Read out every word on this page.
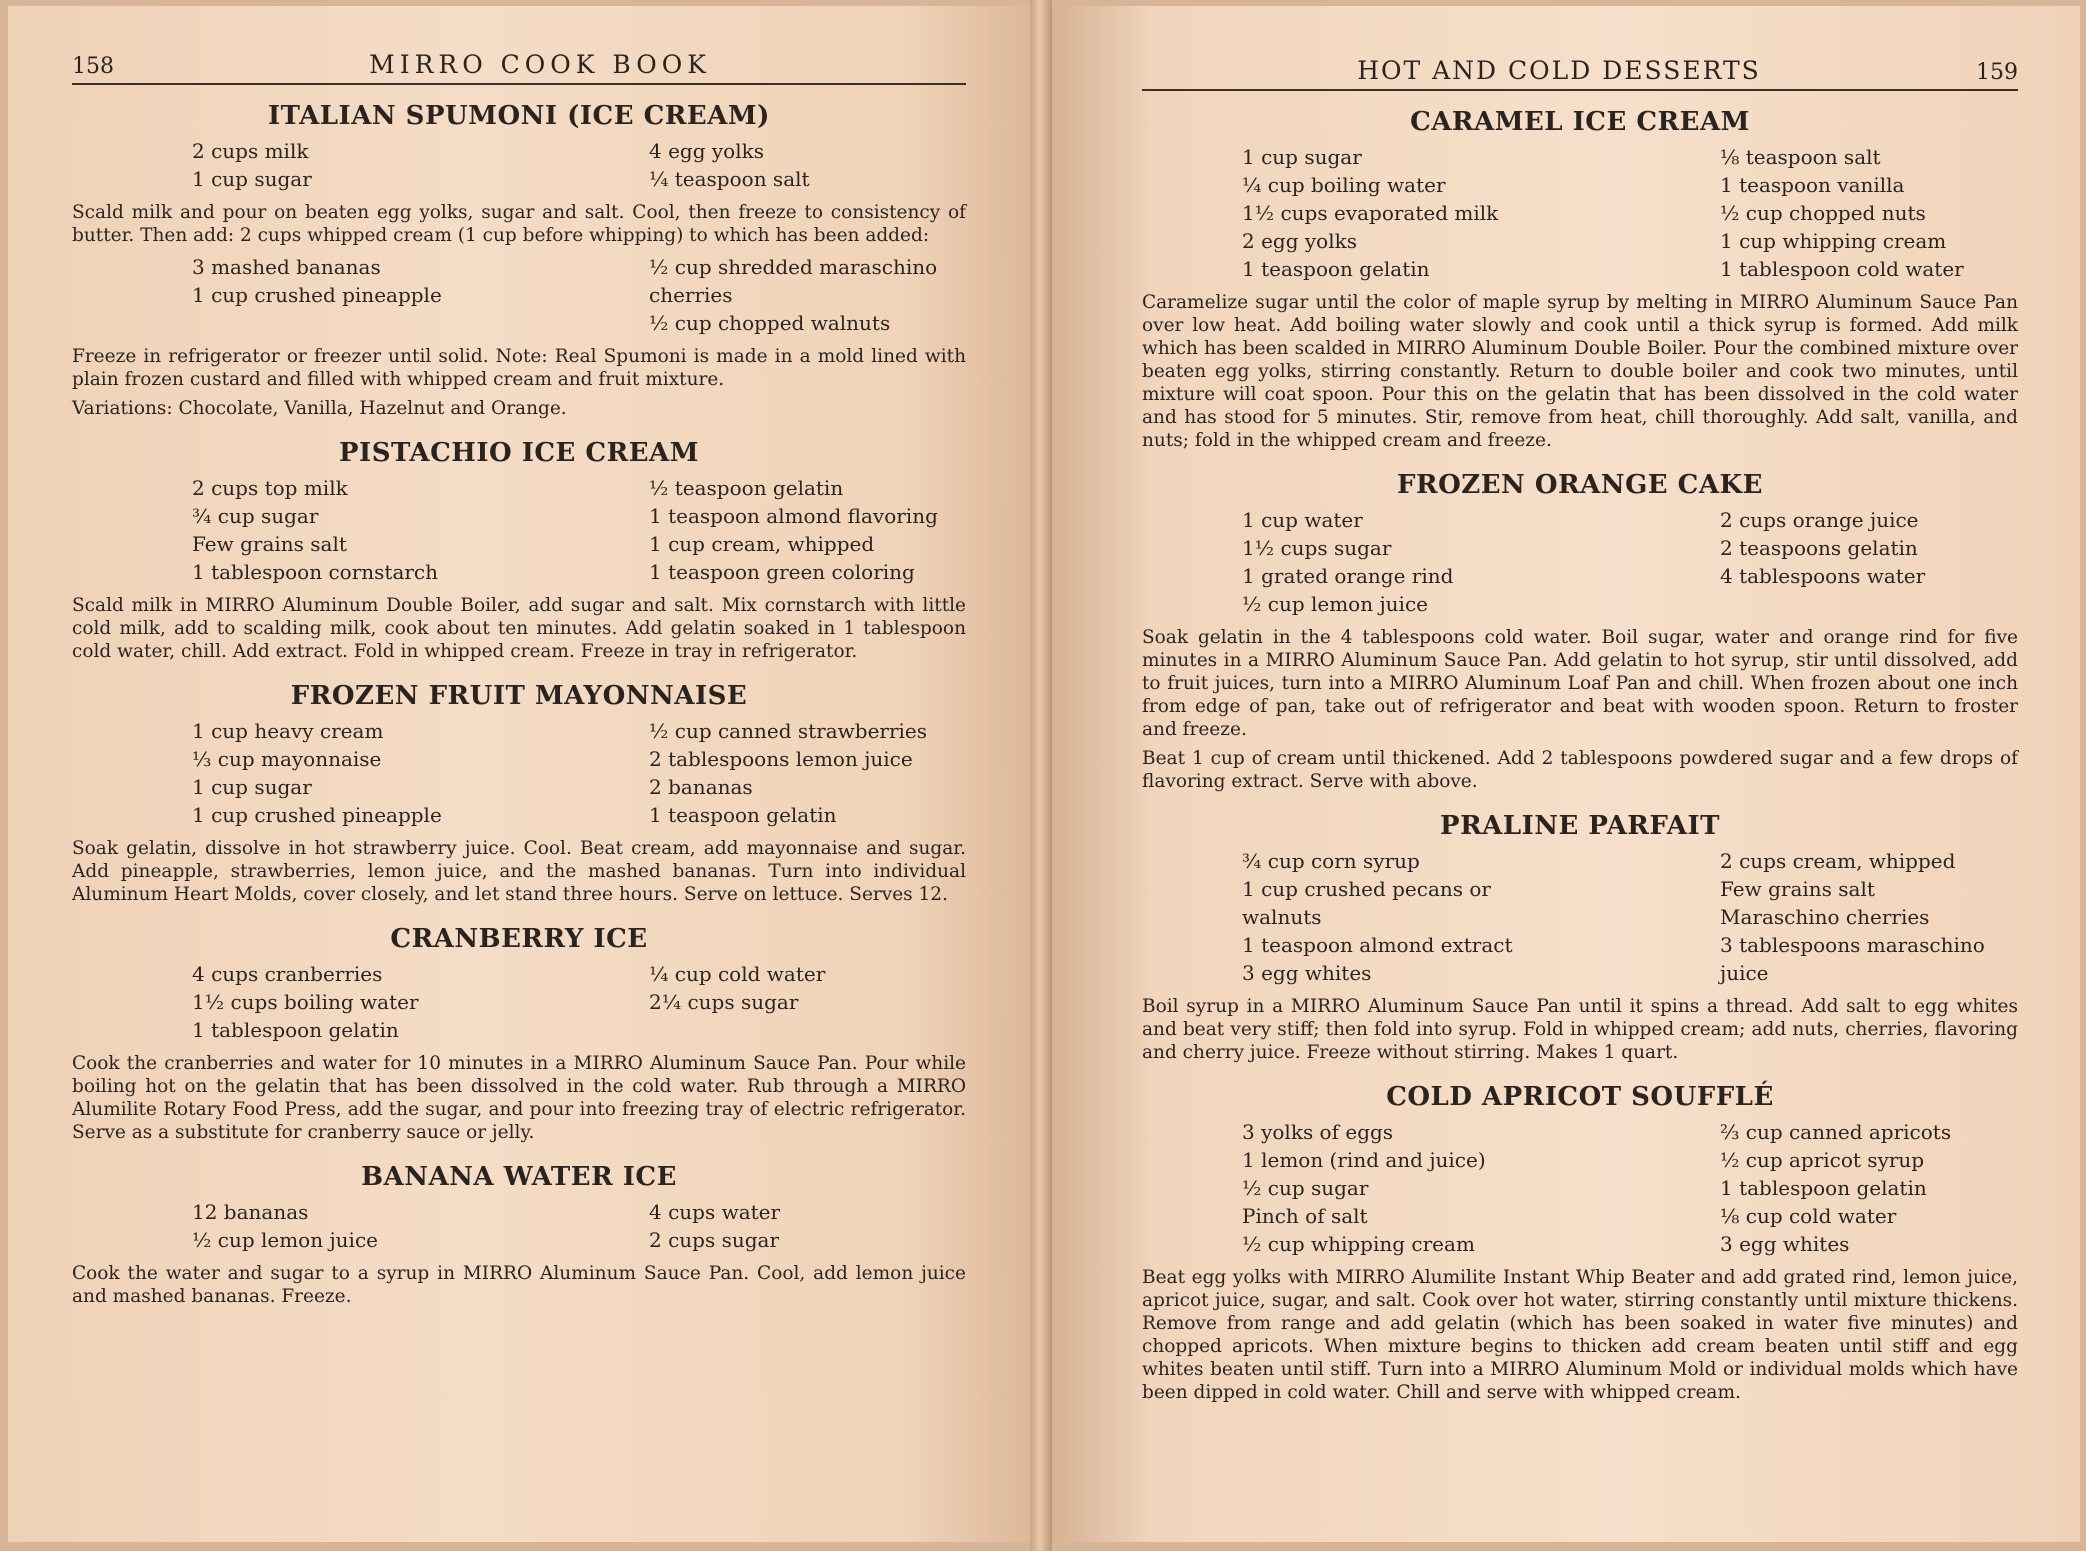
158	MIRRO COOK BOOK
ITALIAN SPUMONI (ICE CREAM)
2 cups milk
1 cup sugar
4 egg yolks
¼ teaspoon salt

Scald milk and pour on beaten egg yolks, sugar and salt. Cool, then freeze to consistency of butter. Then add: 2 cups whipped cream (1 cup before whipping) to which has been added:

3 mashed bananas
1 cup crushed pineapple
½ cup shredded maraschino
cherries
½ cup chopped walnuts

Freeze in refrigerator or freezer until solid. Note: Real Spumoni is made in a mold lined with plain frozen custard and filled with whipped cream and fruit mixture.

Variations: Chocolate, Vanilla, Hazelnut and Orange.

PISTACHIO ICE CREAM
2 cups top milk
¾ cup sugar
Few grains salt
1 tablespoon cornstarch
½ teaspoon gelatin
1 teaspoon almond flavoring
1 cup cream, whipped
1 teaspoon green coloring

Scald milk in MIRRO Aluminum Double Boiler, add sugar and salt. Mix cornstarch with little cold milk, add to scalding milk, cook about ten minutes. Add gelatin soaked in 1 tablespoon cold water, chill. Add extract. Fold in whipped cream. Freeze in tray in refrigerator.

FROZEN FRUIT MAYONNAISE
1 cup heavy cream
⅓ cup mayonnaise
1 cup sugar
1 cup crushed pineapple
½ cup canned strawberries
2 tablespoons lemon juice
2 bananas
1 teaspoon gelatin

Soak gelatin, dissolve in hot strawberry juice. Cool. Beat cream, add mayonnaise and sugar. Add pineapple, strawberries, lemon juice, and the mashed bananas. Turn into individual Aluminum Heart Molds, cover closely, and let stand three hours. Serve on lettuce. Serves 12.

CRANBERRY ICE
4 cups cranberries
1½ cups boiling water
1 tablespoon gelatin
¼ cup cold water
2¼ cups sugar

Cook the cranberries and water for 10 minutes in a MIRRO Aluminum Sauce Pan. Pour while boiling hot on the gelatin that has been dissolved in the cold water. Rub through a MIRRO Alumilite Rotary Food Press, add the sugar, and pour into freezing tray of electric refrigerator. Serve as a substitute for cranberry sauce or jelly.

BANANA WATER ICE
12 bananas
½ cup lemon juice
4 cups water
2 cups sugar

Cook the water and sugar to a syrup in MIRRO Aluminum Sauce Pan. Cool, add lemon juice and mashed bananas. Freeze.

HOT AND COLD DESSERTS	159
CARAMEL ICE CREAM
1 cup sugar
¼ cup boiling water
1½ cups evaporated milk
2 egg yolks
1 teaspoon gelatin
⅛ teaspoon salt
1 teaspoon vanilla
½ cup chopped nuts
1 cup whipping cream
1 tablespoon cold water

Caramelize sugar until the color of maple syrup by melting in MIRRO Aluminum Sauce Pan over low heat. Add boiling water slowly and cook until a thick syrup is formed. Add milk which has been scalded in MIRRO Aluminum Double Boiler. Pour the combined mixture over beaten egg yolks, stirring constantly. Return to double boiler and cook two minutes, until mixture will coat spoon. Pour this on the gelatin that has been dissolved in the cold water and has stood for 5 minutes. Stir, remove from heat, chill thoroughly. Add salt, vanilla, and nuts; fold in the whipped cream and freeze.

FROZEN ORANGE CAKE
1 cup water
1½ cups sugar
1 grated orange rind
½ cup lemon juice
2 cups orange juice
2 teaspoons gelatin
4 tablespoons water

Soak gelatin in the 4 tablespoons cold water. Boil sugar, water and orange rind for five minutes in a MIRRO Aluminum Sauce Pan. Add gelatin to hot syrup, stir until dissolved, add to fruit juices, turn into a MIRRO Aluminum Loaf Pan and chill. When frozen about one inch from edge of pan, take out of refrigerator and beat with wooden spoon. Return to froster and freeze.

Beat 1 cup of cream until thickened. Add 2 tablespoons powdered sugar and a few drops of flavoring extract. Serve with above.

PRALINE PARFAIT
¾ cup corn syrup
1 cup crushed pecans or
walnuts
1 teaspoon almond extract
3 egg whites
2 cups cream, whipped
Few grains salt
Maraschino cherries
3 tablespoons maraschino
juice

Boil syrup in a MIRRO Aluminum Sauce Pan until it spins a thread. Add salt to egg whites and beat very stiff; then fold into syrup. Fold in whipped cream; add nuts, cherries, flavoring and cherry juice. Freeze without stirring. Makes 1 quart.

COLD APRICOT SOUFFLÉ
3 yolks of eggs
1 lemon (rind and juice)
½ cup sugar
Pinch of salt
½ cup whipping cream
⅔ cup canned apricots
½ cup apricot syrup
1 tablespoon gelatin
⅛ cup cold water
3 egg whites

Beat egg yolks with MIRRO Alumilite Instant Whip Beater and add grated rind, lemon juice, apricot juice, sugar, and salt. Cook over hot water, stirring constantly until mixture thickens. Remove from range and add gelatin (which has been soaked in water five minutes) and chopped apricots. When mixture begins to thicken add cream beaten until stiff and egg whites beaten until stiff. Turn into a MIRRO Aluminum Mold or individual molds which have been dipped in cold water. Chill and serve with whipped cream.
